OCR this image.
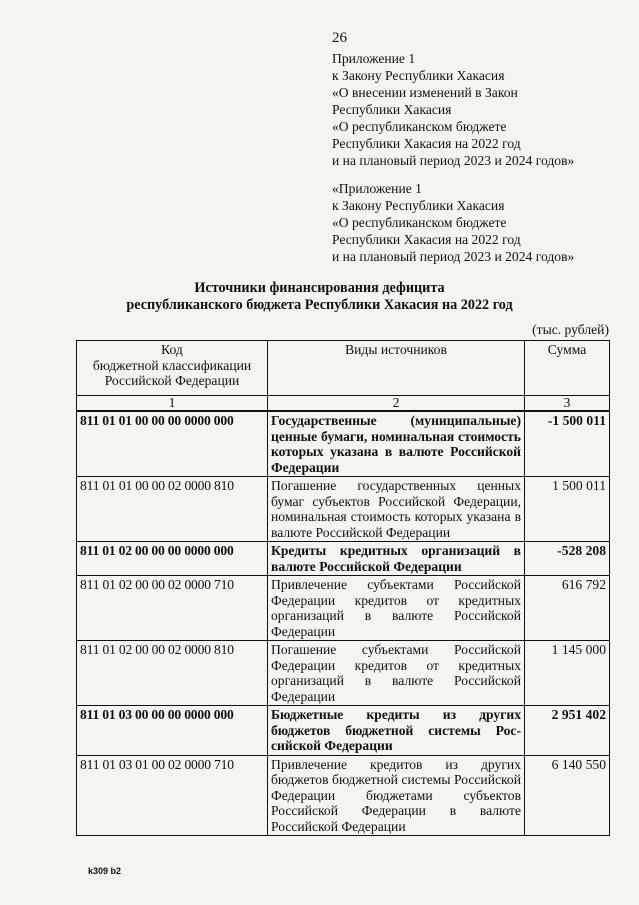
26
Приложение 1
к Закону Республики Хакасия
«О внесении изменений в Закон
Республики Хакасия
«О республиканском бюджете
Республики Хакасия на 2022 год
и на плановый период 2023 и 2024 годов»
«Приложение 1
к Закону Республики Хакасия
«О республиканском бюджете
Республики Хакасия на 2022 год
и на плановый период 2023 и 2024 годов»
Источники финансирования дефицита
республиканского бюджета Республики Хакасия на 2022 год
(тыс. рублей)
Код
бюджетной классификации
Российской Федерации	Виды источников	Сумма
1	2	3
811 01 01 00 00 00 0000 000	Государственные (муниципальные) ценные бумаги, номинальная стоимость которых указана в валюте Российской Федерации	-1 500 011
811 01 01 00 00 02 0000 810	Погашение государственных ценных бумаг субъектов Российской Федерации, номинальная стоимость которых указана в валюте Российской Федерации	1 500 011
811 01 02 00 00 00 0000 000	Кредиты кредитных организаций в валюте Российской Федерации	-528 208
811 01 02 00 00 02 0000 710	Привлечение субъектами Российской Федерации кредитов от кредитных организаций в валюте Российской Федерации	616 792
811 01 02 00 00 02 0000 810	Погашение субъектами Российской Федерации кредитов от кредитных организаций в валюте Российской Федерации	1 145 000
811 01 03 00 00 00 0000 000	Бюджетные кредиты из других бюджетов бюджетной системы Российской Федерации	2 951 402
811 01 03 01 00 02 0000 710	Привлечение кредитов из других бюджетов бюджетной системы Российской Федерации бюджетами субъектов Российской Федерации в валюте Российской Федерации	6 140 550
k309 b2
